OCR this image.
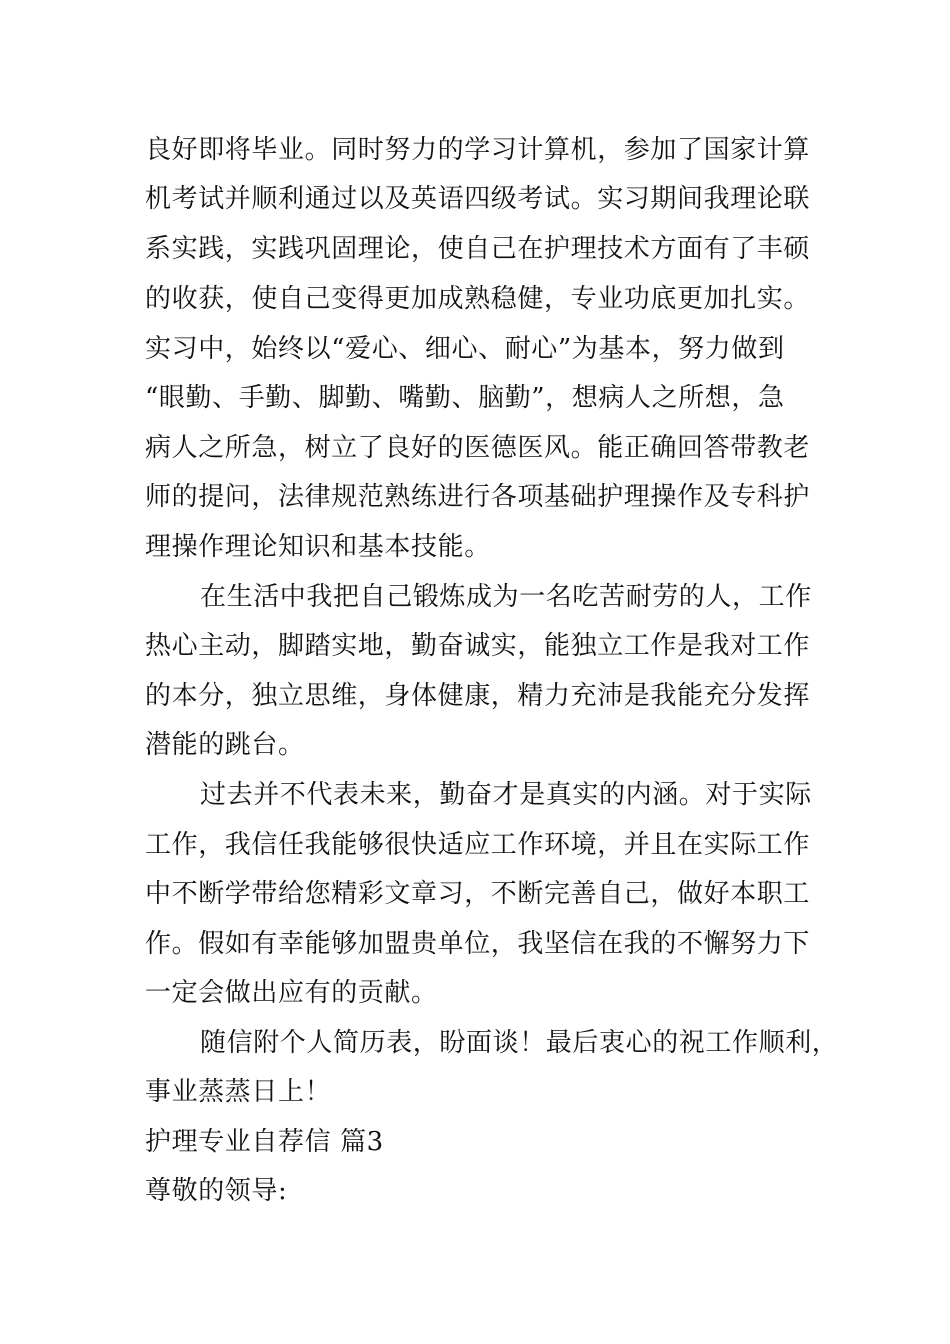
良好即将毕业。同时努力的学习计算机，参加了国家计算
机考试并顺利通过以及英语四级考试。实习期间我理论联
系实践，实践巩固理论，使自己在护理技术方面有了丰硕
的收获，使自己变得更加成熟稳健，专业功底更加扎实。
实习中，始终以“爱心、细心、耐心”为基本，努力做到
“眼勤、手勤、脚勤、嘴勤、脑勤”，想病人之所想，急
病人之所急，树立了良好的医德医风。能正确回答带教老
师的提问，法律规范熟练进行各项基础护理操作及专科护
理操作理论知识和基本技能。
在生活中我把自己锻炼成为一名吃苦耐劳的人，工作
热心主动，脚踏实地，勤奋诚实，能独立工作是我对工作
的本分，独立思维，身体健康，精力充沛是我能充分发挥
潜能的跳台。
过去并不代表未来，勤奋才是真实的内涵。对于实际
工作，我信任我能够很快适应工作环境，并且在实际工作
中不断学带给您精彩文章习，不断完善自己，做好本职工
作。假如有幸能够加盟贵单位，我坚信在我的不懈努力下
一定会做出应有的贡献。
随信附个人简历表，盼面谈！最后衷心的祝工作顺利，
事业蒸蒸日上！
护理专业自荐信 篇3
尊敬的领导:
